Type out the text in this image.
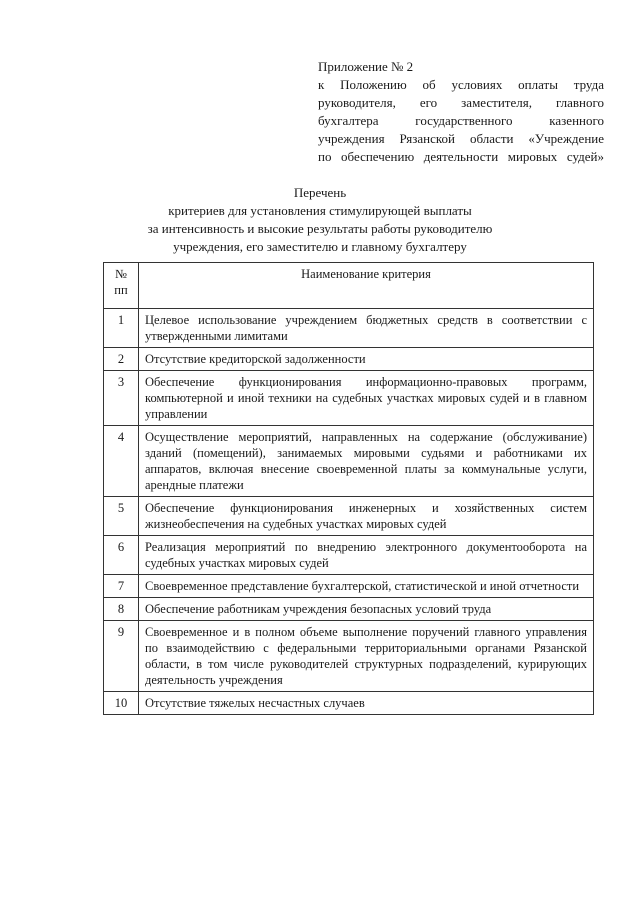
Приложение № 2
к Положению об условиях оплаты труда
руководителя, его заместителя, главного
бухгалтера государственного казенного
учреждения Рязанской области «Учреждение
по обеспечению деятельности мировых судей»
Перечень
критериев для установления стимулирующей выплаты
за интенсивность и высокие результаты работы руководителю
учреждения, его заместителю и главному бухгалтеру
№ пп	Наименование критерия
1	Целевое использование учреждением бюджетных средств в соответствии с утвержденными лимитами
2	Отсутствие кредиторской задолженности
3	Обеспечение функционирования информационно-правовых программ, компьютерной и иной техники на судебных участках мировых судей и в главном управлении
4	Осуществление мероприятий, направленных на содержание (обслуживание) зданий (помещений), занимаемых мировыми судьями и работниками их аппаратов, включая внесение своевременной платы за коммунальные услуги, арендные платежи
5	Обеспечение функционирования инженерных и хозяйственных систем жизнеобеспечения на судебных участках мировых судей
6	Реализация мероприятий по внедрению электронного документооборота на судебных участках мировых судей
7	Своевременное представление бухгалтерской, статистической и иной отчетности
8	Обеспечение работникам учреждения безопасных условий труда
9	Своевременное и в полном объеме выполнение поручений главного управления по взаимодействию с федеральными территориальными органами Рязанской области, в том числе руководителей структурных подразделений, курирующих деятельность учреждения
10	Отсутствие тяжелых несчастных случаев
